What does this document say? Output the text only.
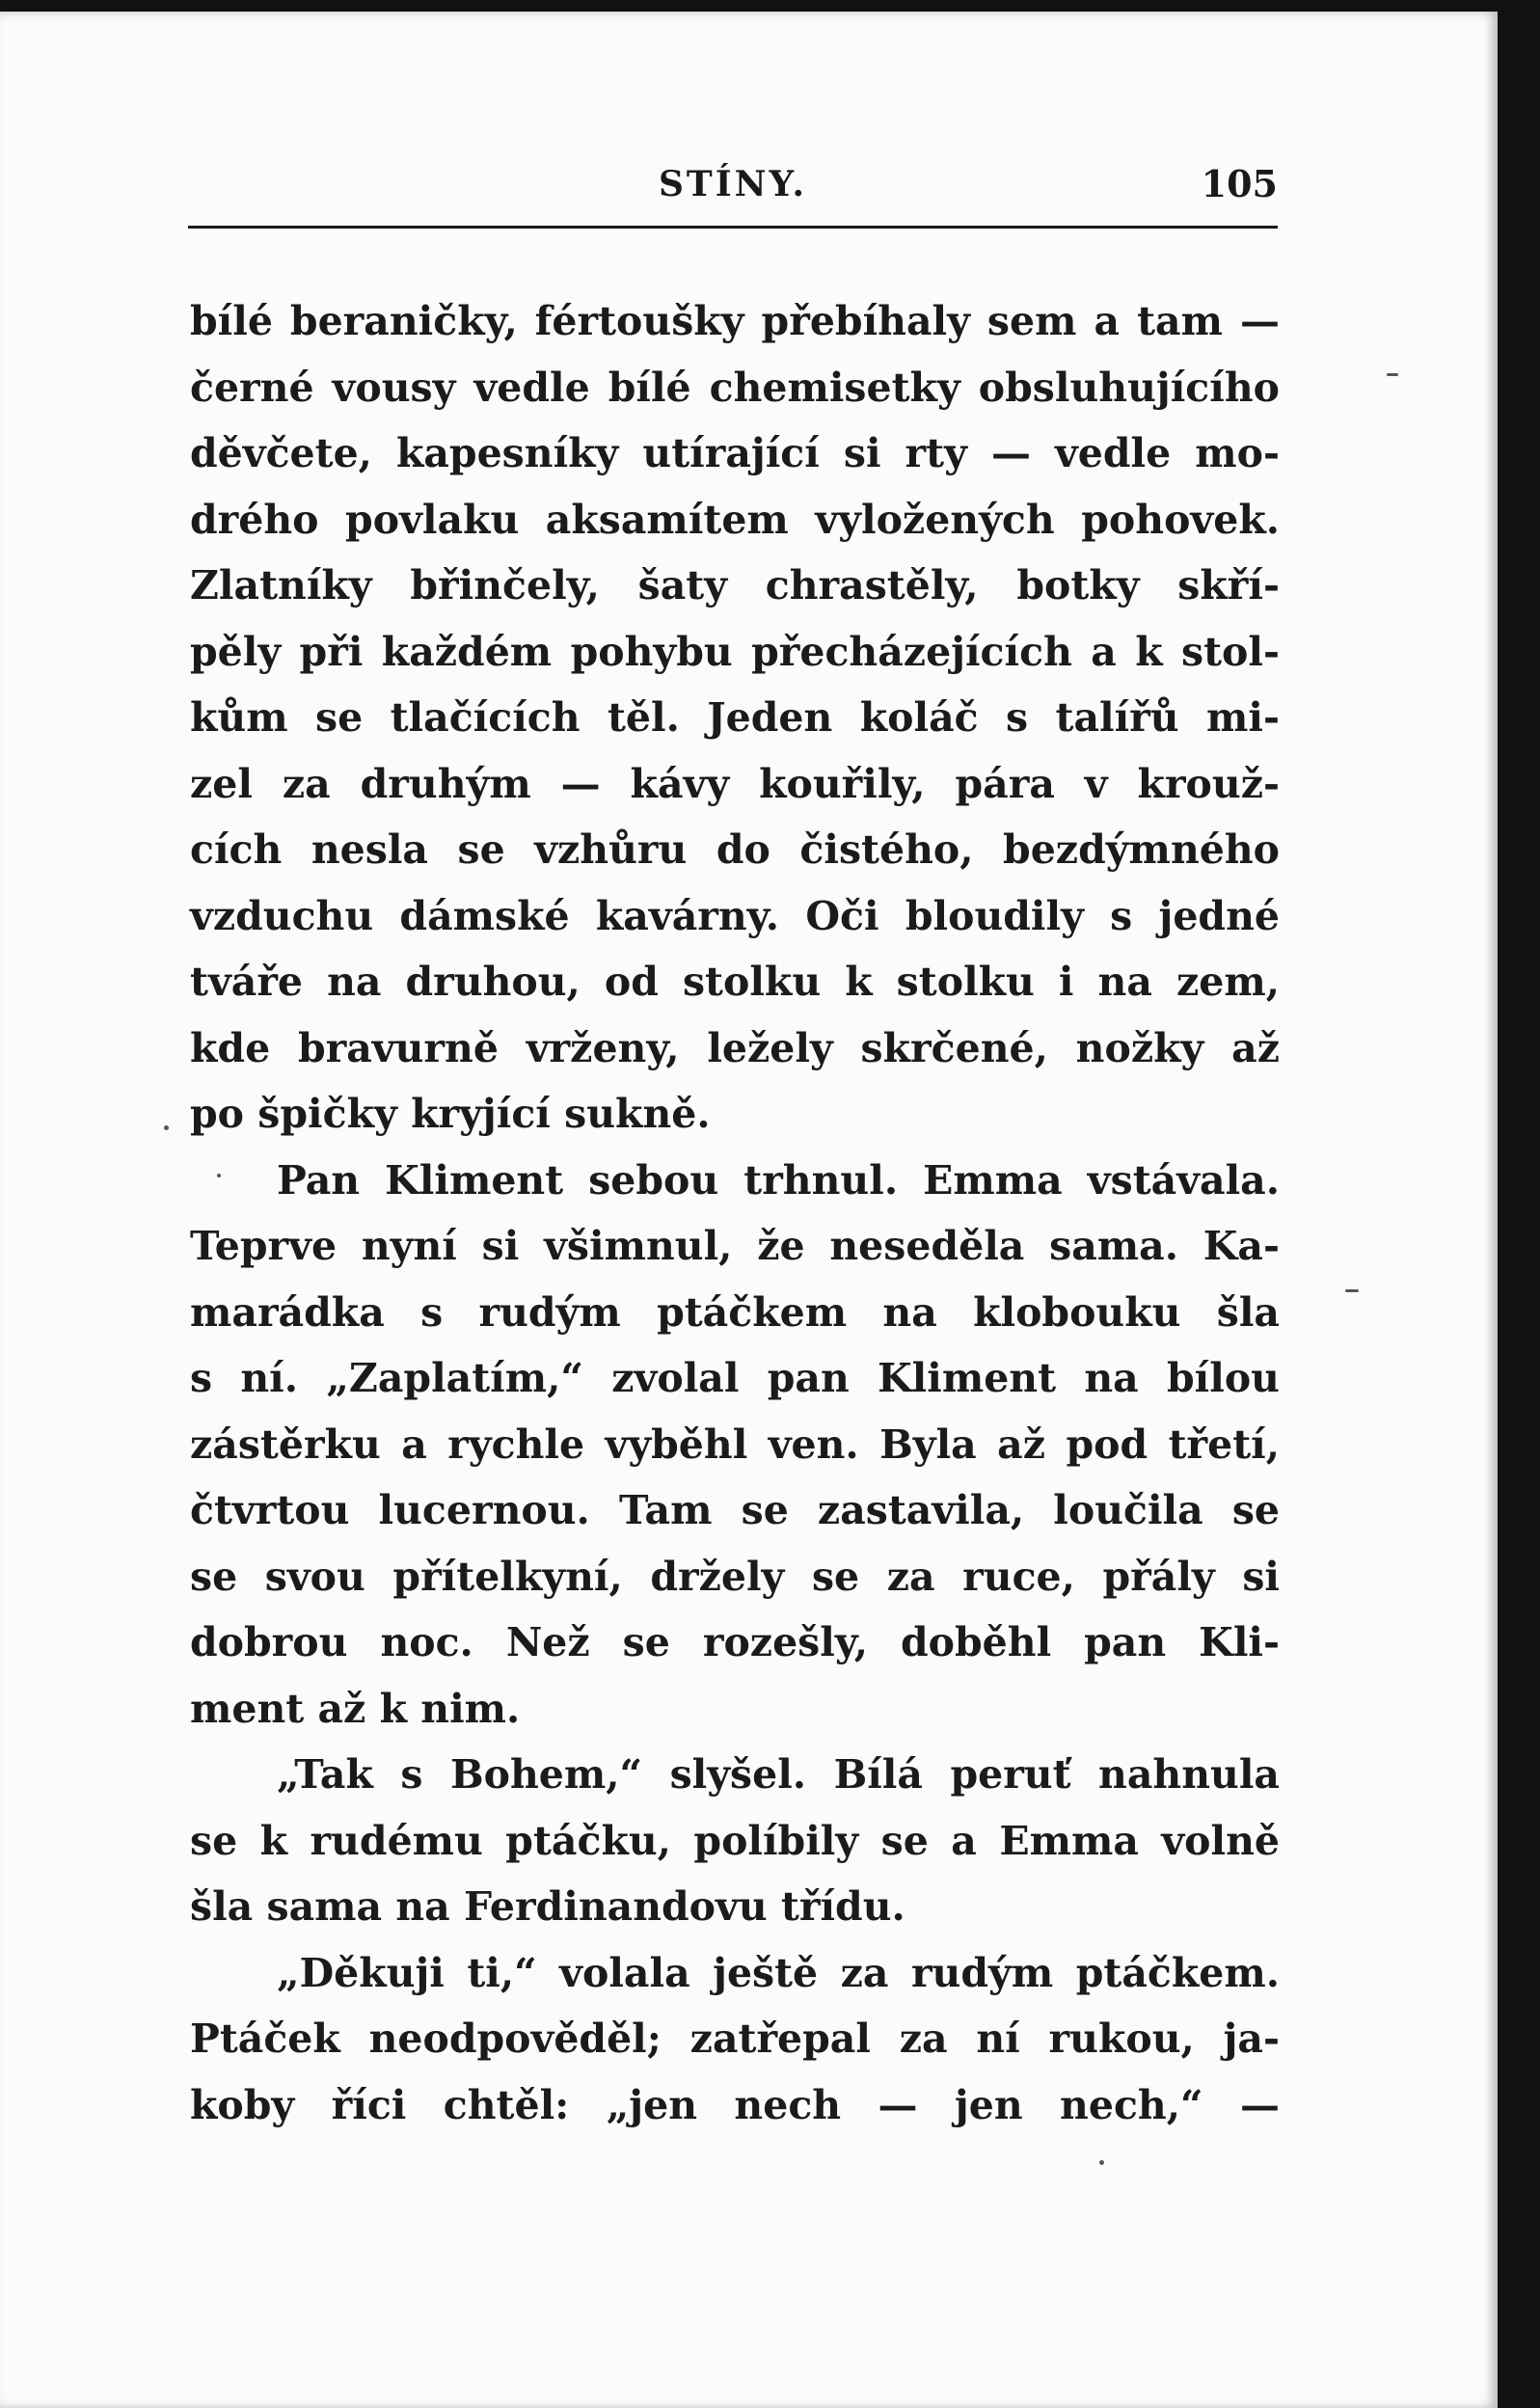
STÍNY.	105
bílé beraničky, fértoušky přebíhaly sem a tam —
černé vousy vedle bílé chemisetky obsluhujícího
děvčete, kapesníky utírající si rty — vedle mo-
drého povlaku aksamítem vyložených pohovek.
Zlatníky břinčely, šaty chrastěly, botky skří-
pěly při každém pohybu přecházejících a k stol-
kům se tlačících těl. Jeden koláč s talířů mi-
zel za druhým — kávy kouřily, pára v krouž-
cích nesla se vzhůru do čistého, bezdýmného
vzduchu dámské kavárny. Oči bloudily s jedné
tváře na druhou, od stolku k stolku i na zem,
kde bravurně vrženy, ležely skrčené, nožky až
po špičky kryjící sukně.
Pan Kliment sebou trhnul. Emma vstávala.
Teprve nyní si všimnul, že neseděla sama. Ka-
marádka s rudým ptáčkem na klobouku šla
s ní. „Zaplatím,“ zvolal pan Kliment na bílou
zástěrku a rychle vyběhl ven. Byla až pod třetí,
čtvrtou lucernou. Tam se zastavila, loučila se
se svou přítelkyní, držely se za ruce, přály si
dobrou noc. Než se rozešly, doběhl pan Kli-
ment až k nim.
„Tak s Bohem,“ slyšel. Bílá peruť nahnula
se k rudému ptáčku, políbily se a Emma volně
šla sama na Ferdinandovu třídu.
„Děkuji ti,“ volala ještě za rudým ptáčkem.
Ptáček neodpověděl; zatřepal za ní rukou, ja-
koby říci chtěl: „jen nech — jen nech,“ —
